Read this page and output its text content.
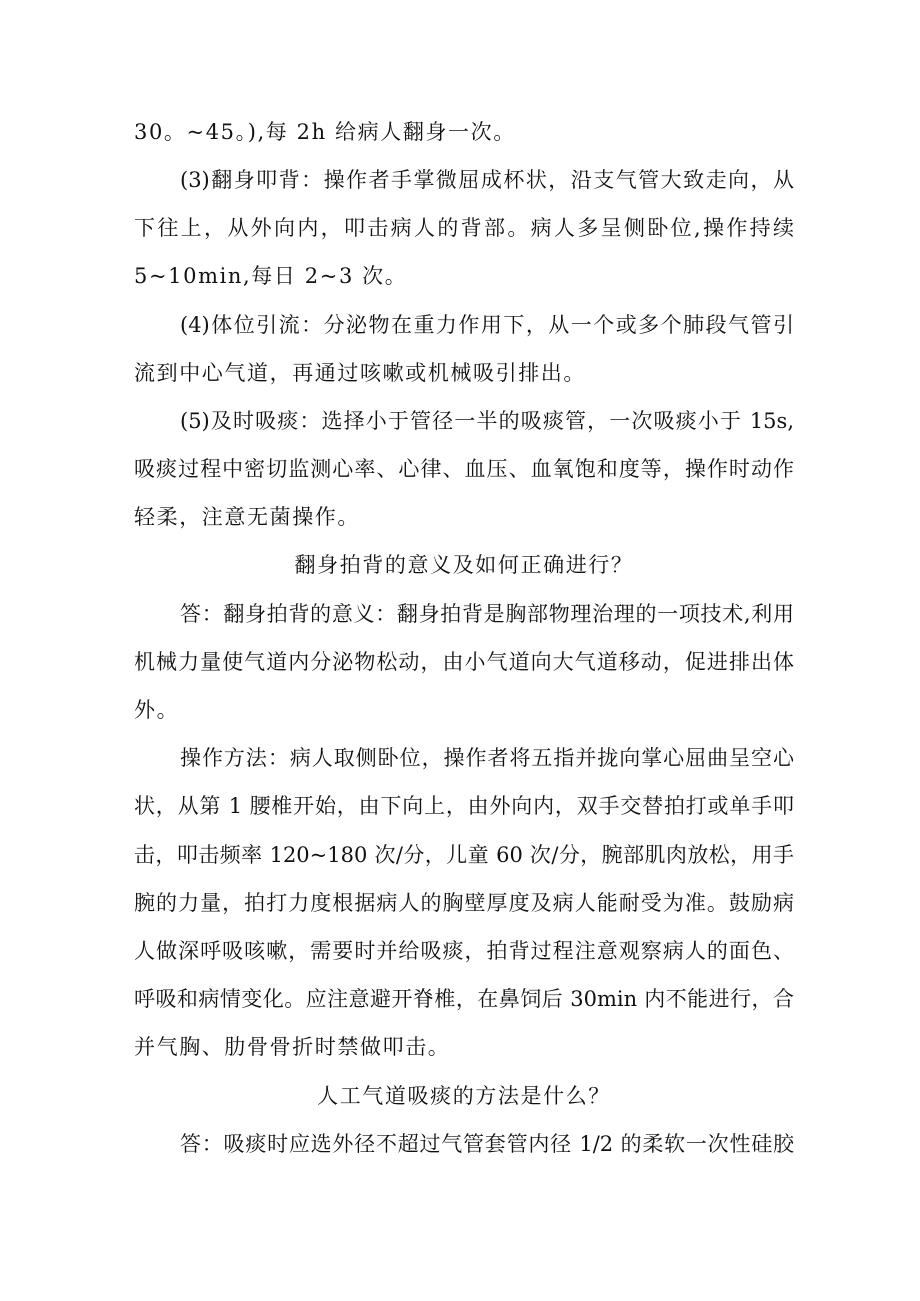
30。~45。),每 2h 给病人翻身一次。
(3)翻身叩背：操作者手掌微屈成杯状，沿支气管大致走向，从
下往上，从外向内，叩击病人的背部。病人多呈侧卧位,操作持续
5~10min,每日 2~3 次。
(4)体位引流：分泌物在重力作用下，从一个或多个肺段气管引
流到中心气道，再通过咳嗽或机械吸引排出。
(5)及时吸痰：选择小于管径一半的吸痰管，一次吸痰小于 15s,
吸痰过程中密切监测心率、心律、血压、血氧饱和度等，操作时动作
轻柔，注意无菌操作。
翻身拍背的意义及如何正确进行？
答：翻身拍背的意义：翻身拍背是胸部物理治理的一项技术,利用
机械力量使气道内分泌物松动，由小气道向大气道移动，促进排出体
外。
操作方法：病人取侧卧位，操作者将五指并拢向掌心屈曲呈空心
状，从第 1 腰椎开始，由下向上，由外向内，双手交替拍打或单手叩
击，叩击频率 120~180 次/分，儿童 60 次/分，腕部肌肉放松，用手
腕的力量，拍打力度根据病人的胸壁厚度及病人能耐受为准。鼓励病
人做深呼吸咳嗽，需要时并给吸痰，拍背过程注意观察病人的面色、
呼吸和病情变化。应注意避开脊椎，在鼻饲后 30min 内不能进行，合
并气胸、肋骨骨折时禁做叩击。
人工气道吸痰的方法是什么？
答：吸痰时应选外径不超过气管套管内径 1/2 的柔软一次性硅胶
